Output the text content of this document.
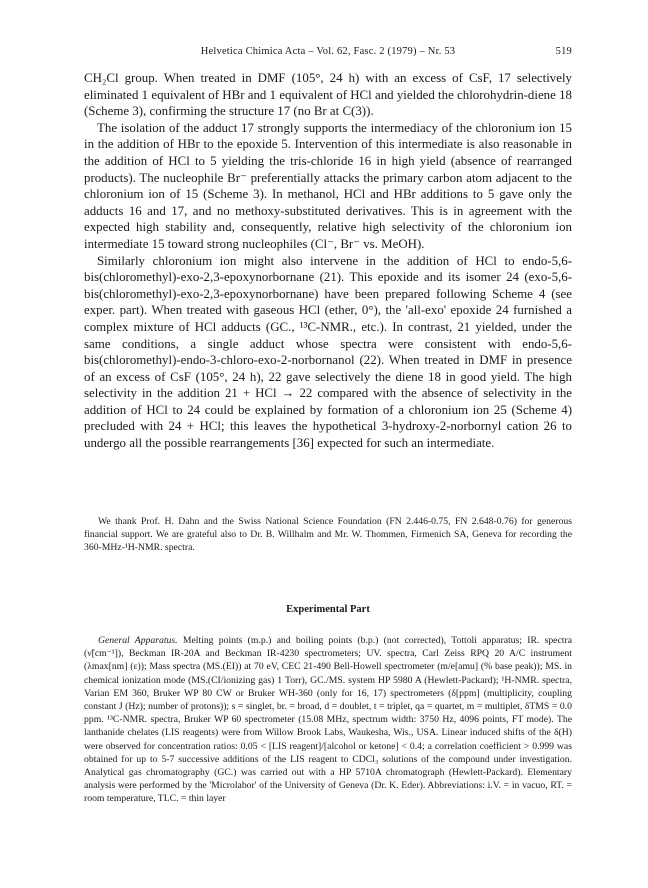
Helvetica Chimica Acta – Vol. 62, Fasc. 2 (1979) – Nr. 53	519

CH₂Cl group. When treated in DMF (105°, 24 h) with an excess of CsF, 17 selectively eliminated 1 equivalent of HBr and 1 equivalent of HCl and yielded the chlorohydrin-diene 18 (Scheme 3), confirming the structure 17 (no Br at C(3)).

The isolation of the adduct 17 strongly supports the intermediacy of the chloronium ion 15 in the addition of HBr to the epoxide 5. Intervention of this intermediate is also reasonable in the addition of HCl to 5 yielding the tris-chloride 16 in high yield (absence of rearranged products). The nucleophile Br⁻ preferentially attacks the primary carbon atom adjacent to the chloronium ion of 15 (Scheme 3). In methanol, HCl and HBr additions to 5 gave only the adducts 16 and 17, and no methoxy-substituted derivatives. This is in agreement with the expected high stability and, consequently, relative high selectivity of the chloronium ion intermediate 15 toward strong nucleophiles (Cl⁻, Br⁻ vs. MeOH).

Similarly chloronium ion might also intervene in the addition of HCl to endo-5,6-bis(chloromethyl)-exo-2,3-epoxynorbornane (21). This epoxide and its isomer 24 (exo-5,6-bis(chloromethyl)-exo-2,3-epoxynorbornane) have been prepared following Scheme 4 (see exper. part). When treated with gaseous HCl (ether, 0°), the 'all-exo' epoxide 24 furnished a complex mixture of HCl adducts (GC., ¹³C-NMR., etc.). In contrast, 21 yielded, under the same conditions, a single adduct whose spectra were consistent with endo-5,6-bis(chloromethyl)-endo-3-chloro-exo-2-norbornanol (22). When treated in DMF in presence of an excess of CsF (105°, 24 h), 22 gave selectively the diene 18 in good yield. The high selectivity in the addition 21 + HCl → 22 compared with the absence of selectivity in the addition of HCl to 24 could be explained by formation of a chloronium ion 25 (Scheme 4) precluded with 24 + HCl; this leaves the hypothetical 3-hydroxy-2-norbornyl cation 26 to undergo all the possible rearrangements [36] expected for such an intermediate.

We thank Prof. H. Dahn and the Swiss National Science Foundation (FN 2.446-0.75, FN 2.648-0.76) for generous financial support. We are grateful also to Dr. B. Willhalm and Mr. W. Thommen, Firmenich SA, Geneva for recording the 360-MHz-¹H-NMR. spectra.

Experimental Part

General Apparatus. Melting points (m.p.) and boiling points (b.p.) (not corrected), Tottoli apparatus; IR. spectra (ν̃[cm⁻¹]), Beckman IR-20A and Beckman IR-4230 spectrometers; UV. spectra, Carl Zeiss RPQ 20 A/C instrument (λmax[nm] (ε)); Mass spectra (MS.(EI)) at 70 eV, CEC 21-490 Bell-Howell spectrometer (m/e[amu] (% base peak)); MS. in chemical ionization mode (MS.(CI/ionizing gas) 1 Torr), GC./MS. system HP 5980 A (Hewlett-Packard); ¹H-NMR. spectra, Varian EM 360, Bruker WP 80 CW or Bruker WH-360 (only for 16, 17) spectrometers (δ[ppm] (multiplicity, coupling constant J (Hz); number of protons)); s = singlet, br. = broad, d = doublet, t = triplet, qa = quartet, m = multiplet, δTMS = 0.0 ppm. ¹³C-NMR. spectra, Bruker WP 60 spectrometer (15.08 MHz, spectrum width: 3750 Hz, 4096 points, FT mode). The lanthanide chelates (LIS reagents) were from Willow Brook Labs, Waukesha, Wis., USA. Linear induced shifts of the δ(H) were observed for concentration ratios: 0.05 < [LIS reagent]/[alcohol or ketone] < 0.4; a correlation coefficient > 0.999 was obtained for up to 5-7 successive additions of the LIS reagent to CDCl₃ solutions of the compound under investigation. Analytical gas chromatography (GC.) was carried out with a HP 5710A chromatograph (Hewlett-Packard). Elementary analysis were performed by the 'Microlabor' of the University of Geneva (Dr. K. Eder). Abbreviations: i.V. = in vacuo, RT. = room temperature, TLC. = thin layer
